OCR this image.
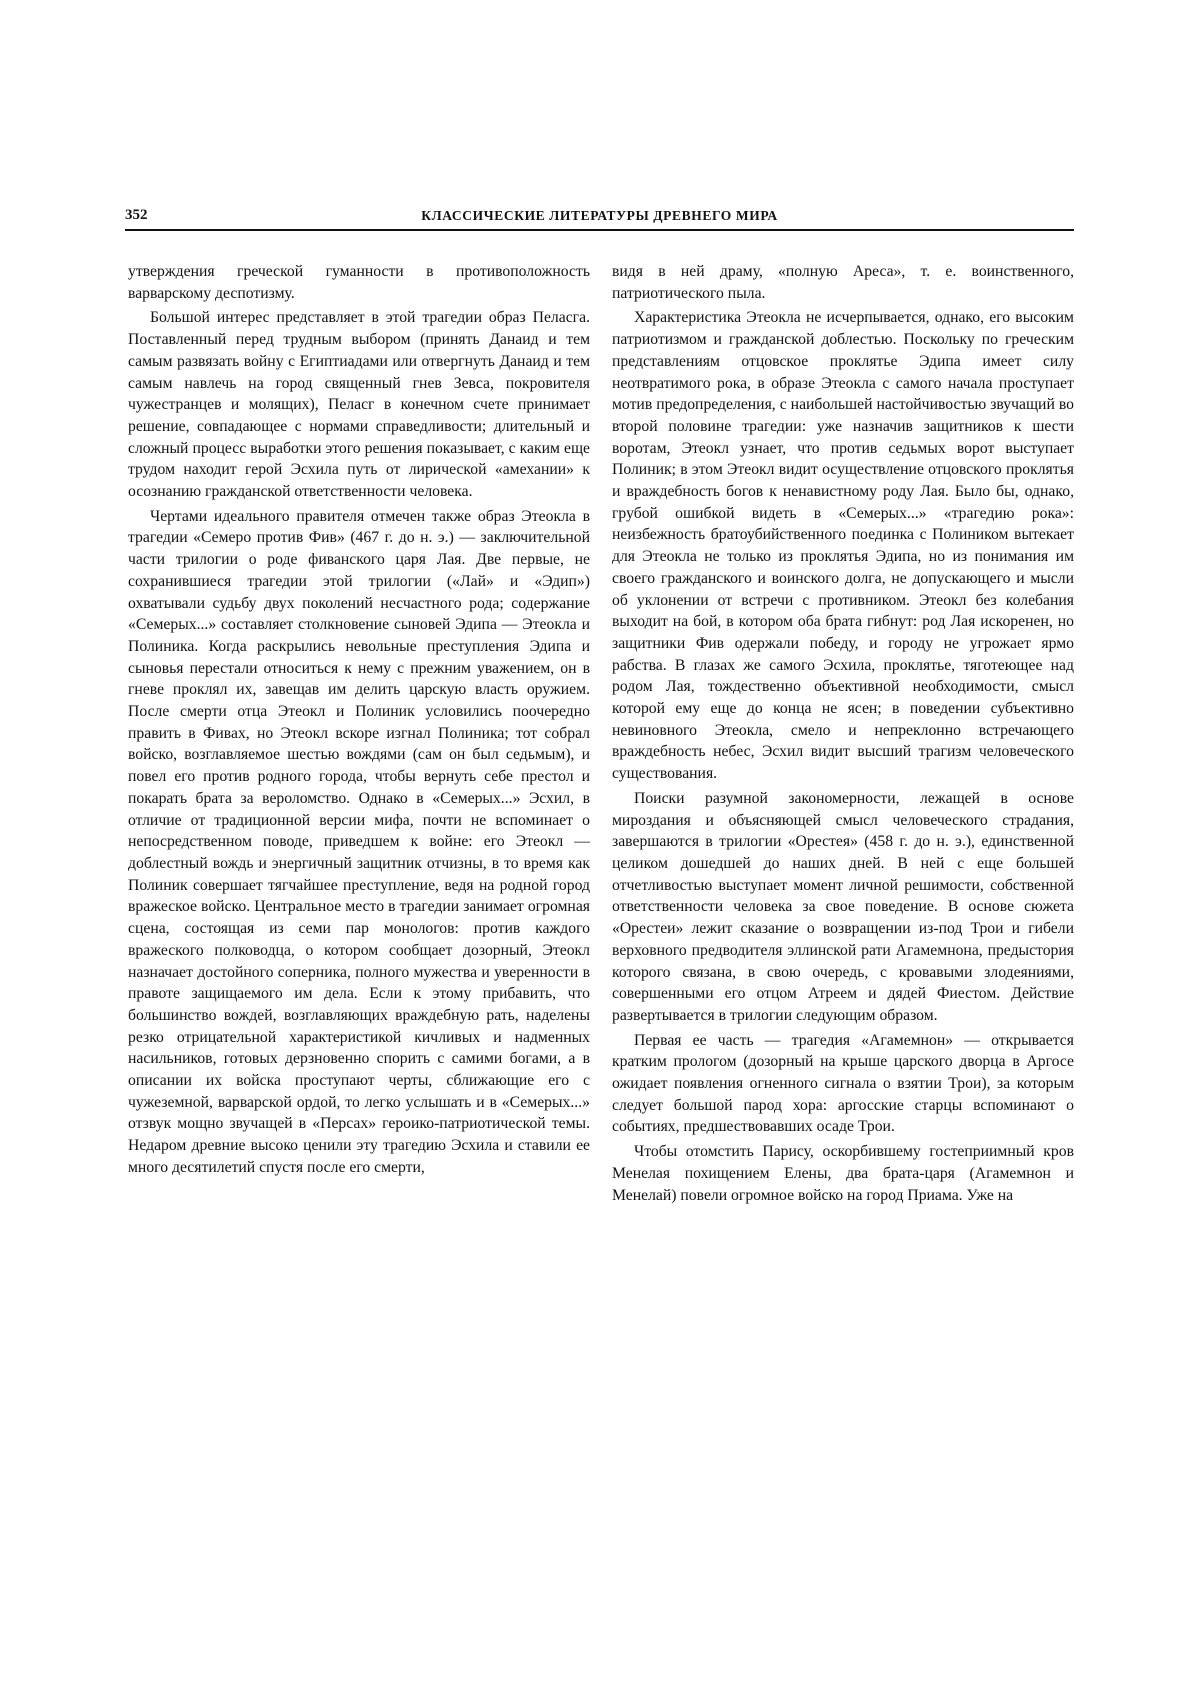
352	КЛАССИЧЕСКИЕ ЛИТЕРАТУРЫ ДРЕВНЕГО МИРА

утверждения греческой гуманности в противоположность варварскому деспотизму.

Большой интерес представляет в этой трагедии образ Пеласга. Поставленный перед трудным выбором (принять Данаид и тем самым развязать войну с Египтиадами или отвергнуть Данаид и тем самым навлечь на город священный гнев Зевса, покровителя чужестранцев и молящих), Пеласг в конечном счете принимает решение, совпадающее с нормами справедливости; длительный и сложный процесс выработки этого решения показывает, с каким еще трудом находит герой Эсхила путь от лирической «амехании» к осознанию гражданской ответственности человека.

Чертами идеального правителя отмечен также образ Этеокла в трагедии «Семеро против Фив» (467 г. до н. э.) — заключительной части трилогии о роде фиванского царя Лая. Две первые, не сохранившиеся трагедии этой трилогии («Лай» и «Эдип») охватывали судьбу двух поколений несчастного рода; содержание «Семерых...» составляет столкновение сыновей Эдипа — Этеокла и Полиника. Когда раскрылись невольные преступления Эдипа и сыновья перестали относиться к нему с прежним уважением, он в гневе проклял их, завещав им делить царскую власть оружием. После смерти отца Этеокл и Полиник условились поочередно править в Фивах, но Этеокл вскоре изгнал Полиника; тот собрал войско, возглавляемое шестью вождями (сам он был седьмым), и повел его против родного города, чтобы вернуть себе престол и покарать брата за вероломство. Однако в «Семерых...» Эсхил, в отличие от традиционной версии мифа, почти не вспоминает о непосредственном поводе, приведшем к войне: его Этеокл — доблестный вождь и энергичный защитник отчизны, в то время как Полиник совершает тягчайшее преступление, ведя на родной город вражеское войско. Центральное место в трагедии занимает огромная сцена, состоящая из семи пар монологов: против каждого вражеского полководца, о котором сообщает дозорный, Этеокл назначает достойного соперника, полного мужества и уверенности в правоте защищаемого им дела. Если к этому прибавить, что большинство вождей, возглавляющих враждебную рать, наделены резко отрицательной характеристикой кичливых и надменных насильников, готовых дерзновенно спорить с самими богами, а в описании их войска проступают черты, сближающие его с чужеземной, варварской ордой, то легко услышать и в «Семерых...» отзвук мощно звучащей в «Персах» героико-патриотической темы. Недаром древние высоко ценили эту трагедию Эсхила и ставили ее много десятилетий спустя после его смерти,

видя в ней драму, «полную Ареса», т. е. воинственного, патриотического пыла.

Характеристика Этеокла не исчерпывается, однако, его высоким патриотизмом и гражданской доблестью. Поскольку по греческим представлениям отцовское проклятье Эдипа имеет силу неотвратимого рока, в образе Этеокла с самого начала проступает мотив предопределения, с наибольшей настойчивостью звучащий во второй половине трагедии: уже назначив защитников к шести воротам, Этеокл узнает, что против седьмых ворот выступает Полиник; в этом Этеокл видит осуществление отцовского проклятья и враждебность богов к ненавистному роду Лая. Было бы, однако, грубой ошибкой видеть в «Семерых...» «трагедию рока»: неизбежность братоубийственного поединка с Полиником вытекает для Этеокла не только из проклятья Эдипа, но из понимания им своего гражданского и воинского долга, не допускающего и мысли об уклонении от встречи с противником. Этеокл без колебания выходит на бой, в котором оба брата гибнут: род Лая искоренен, но защитники Фив одержали победу, и городу не угрожает ярмо рабства. В глазах же самого Эсхила, проклятье, тяготеющее над родом Лая, тождественно объективной необходимости, смысл которой ему еще до конца не ясен; в поведении субъективно невиновного Этеокла, смело и непреклонно встречающего враждебность небес, Эсхил видит высший трагизм человеческого существования.

Поиски разумной закономерности, лежащей в основе мироздания и объясняющей смысл человеческого страдания, завершаются в трилогии «Орестея» (458 г. до н. э.), единственной целиком дошедшей до наших дней. В ней с еще большей отчетливостью выступает момент личной решимости, собственной ответственности человека за свое поведение. В основе сюжета «Орестеи» лежит сказание о возвращении из-под Трои и гибели верховного предводителя эллинской рати Агамемнона, предыстория которого связана, в свою очередь, с кровавыми злодеяниями, совершенными его отцом Атреем и дядей Фиестом. Действие развертывается в трилогии следующим образом.

Первая ее часть — трагедия «Агамемнон» — открывается кратким прологом (дозорный на крыше царского дворца в Аргосе ожидает появления огненного сигнала о взятии Трои), за которым следует большой парод хора: аргосские старцы вспоминают о событиях, предшествовавших осаде Трои.

Чтобы отомстить Парису, оскорбившему гостеприимный кров Менелая похищением Елены, два брата-царя (Агамемнон и Менелай) повели огромное войско на город Приама. Уже на
